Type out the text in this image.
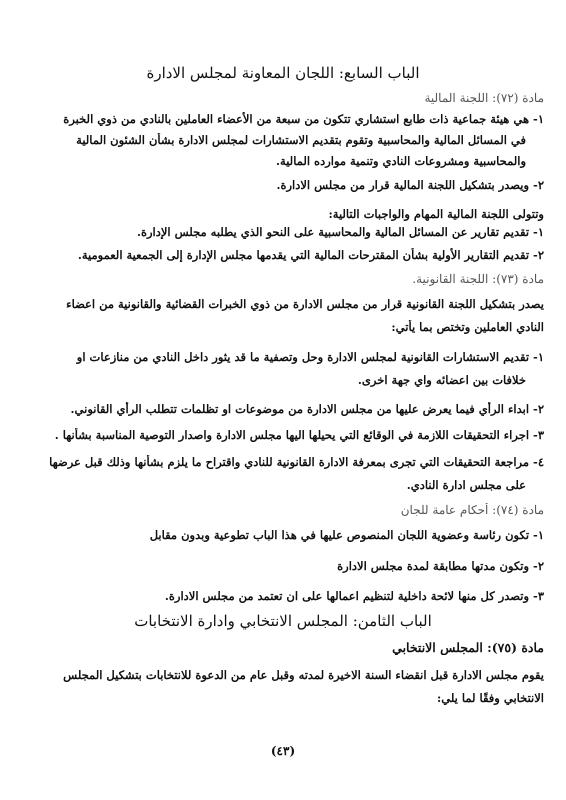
الباب السابع: اللجان المعاونة لمجلس الادارة
مادة (٧٢): اللجنة المالية
١- هي هيئة جماعية ذات طابع استشاري تتكون من سبعة من الأعضاء العاملين بالنادي من ذوي الخبرة
في المسائل المالية والمحاسبية وتقوم بتقديم الاستشارات لمجلس الادارة بشأن الشئون المالية
والمحاسبية ومشروعات النادي وتنمية موارده المالية.
٢- ويصدر بتشكيل اللجنة المالية قرار من مجلس الادارة.
وتتولى اللجنة المالية المهام والواجبات التالية:
١- تقديم تقارير عن المسائل المالية والمحاسبية على النحو الذي يطلبه مجلس الإدارة.
٢- تقديم التقارير الأولية بشأن المقترحات المالية التي يقدمها مجلس الإدارة إلى الجمعية العمومية.
مادة (٧٣): اللجنة القانونية.
يصدر بتشكيل اللجنة القانونية قرار من مجلس الادارة من ذوي الخبرات القضائية والقانونية من اعضاء
النادي العاملين وتختص بما يأتي:
١- تقديم الاستشارات القانونية لمجلس الادارة وحل وتصفية ما قد يثور داخل النادي من منازعات او
خلافات بين اعضائه واي جهة اخرى.
٢- ابداء الرأي فيما يعرض عليها من مجلس الادارة من موضوعات او تظلمات تتطلب الرأي القانوني.
٣- اجراء التحقيقات اللازمة في الوقائع التي يحيلها اليها مجلس الادارة واصدار التوصية المناسبة بشأنها .
٤- مراجعة التحقيقات التي تجرى بمعرفة الادارة القانونية للنادي واقتراح ما يلزم بشأنها وذلك قبل عرضها
على مجلس ادارة النادي.
مادة (٧٤): أحكام عامة للجان
١- تكون رئاسة وعضوية اللجان المنصوص عليها في هذا الباب تطوعية وبدون مقابل
٢- وتكون مدتها مطابقة لمدة مجلس الادارة
٣- وتصدر كل منها لائحة داخلية لتنظيم اعمالها على ان تعتمد من مجلس الادارة.
الباب الثامن: المجلس الانتخابي وادارة الانتخابات
مادة (٧٥): المجلس الانتخابي
يقوم مجلس الادارة قبل انقضاء السنة الاخيرة لمدته وقبل عام من الدعوة للانتخابات بتشكيل المجلس
الانتخابي وفقًا لما يلي:
(٤٣)
